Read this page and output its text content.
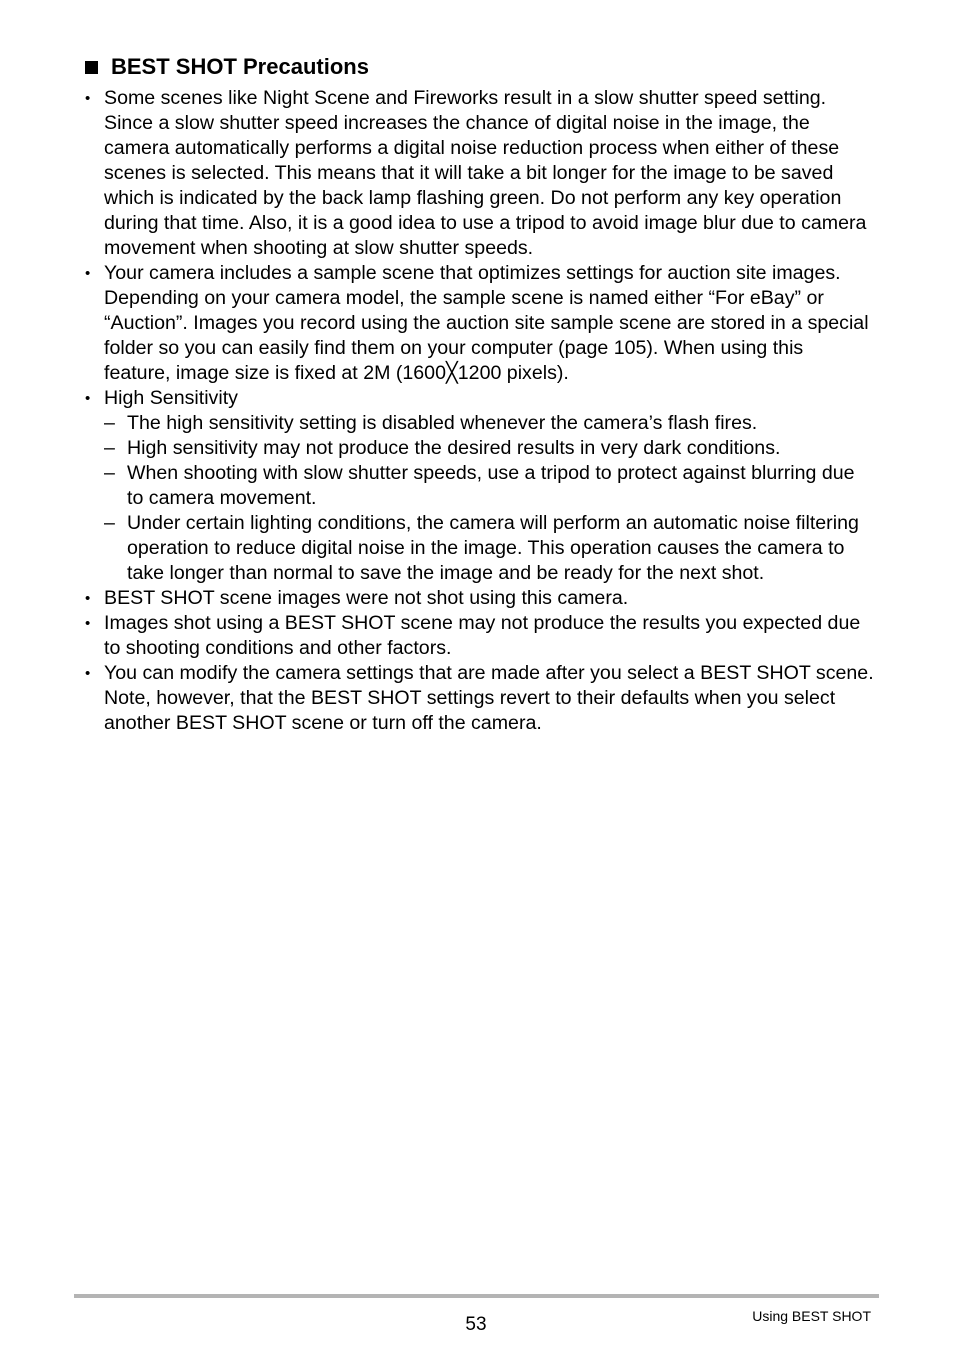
BEST SHOT Precautions
• Some scenes like Night Scene and Fireworks result in a slow shutter speed setting. Since a slow shutter speed increases the chance of digital noise in the image, the camera automatically performs a digital noise reduction process when either of these scenes is selected. This means that it will take a bit longer for the image to be saved which is indicated by the back lamp flashing green. Do not perform any key operation during that time. Also, it is a good idea to use a tripod to avoid image blur due to camera movement when shooting at slow shutter speeds.
• Your camera includes a sample scene that optimizes settings for auction site images. Depending on your camera model, the sample scene is named either “For eBay” or “Auction”. Images you record using the auction site sample scene are stored in a special folder so you can easily find them on your computer (page 105). When using this feature, image size is fixed at 2M (1600╳1200 pixels).
• High Sensitivity
– The high sensitivity setting is disabled whenever the camera’s flash fires.
– High sensitivity may not produce the desired results in very dark conditions.
– When shooting with slow shutter speeds, use a tripod to protect against blurring due to camera movement.
– Under certain lighting conditions, the camera will perform an automatic noise filtering operation to reduce digital noise in the image. This operation causes the camera to take longer than normal to save the image and be ready for the next shot.
• BEST SHOT scene images were not shot using this camera.
• Images shot using a BEST SHOT scene may not produce the results you expected due to shooting conditions and other factors.
• You can modify the camera settings that are made after you select a BEST SHOT scene. Note, however, that the BEST SHOT settings revert to their defaults when you select another BEST SHOT scene or turn off the camera.
53	Using BEST SHOT
